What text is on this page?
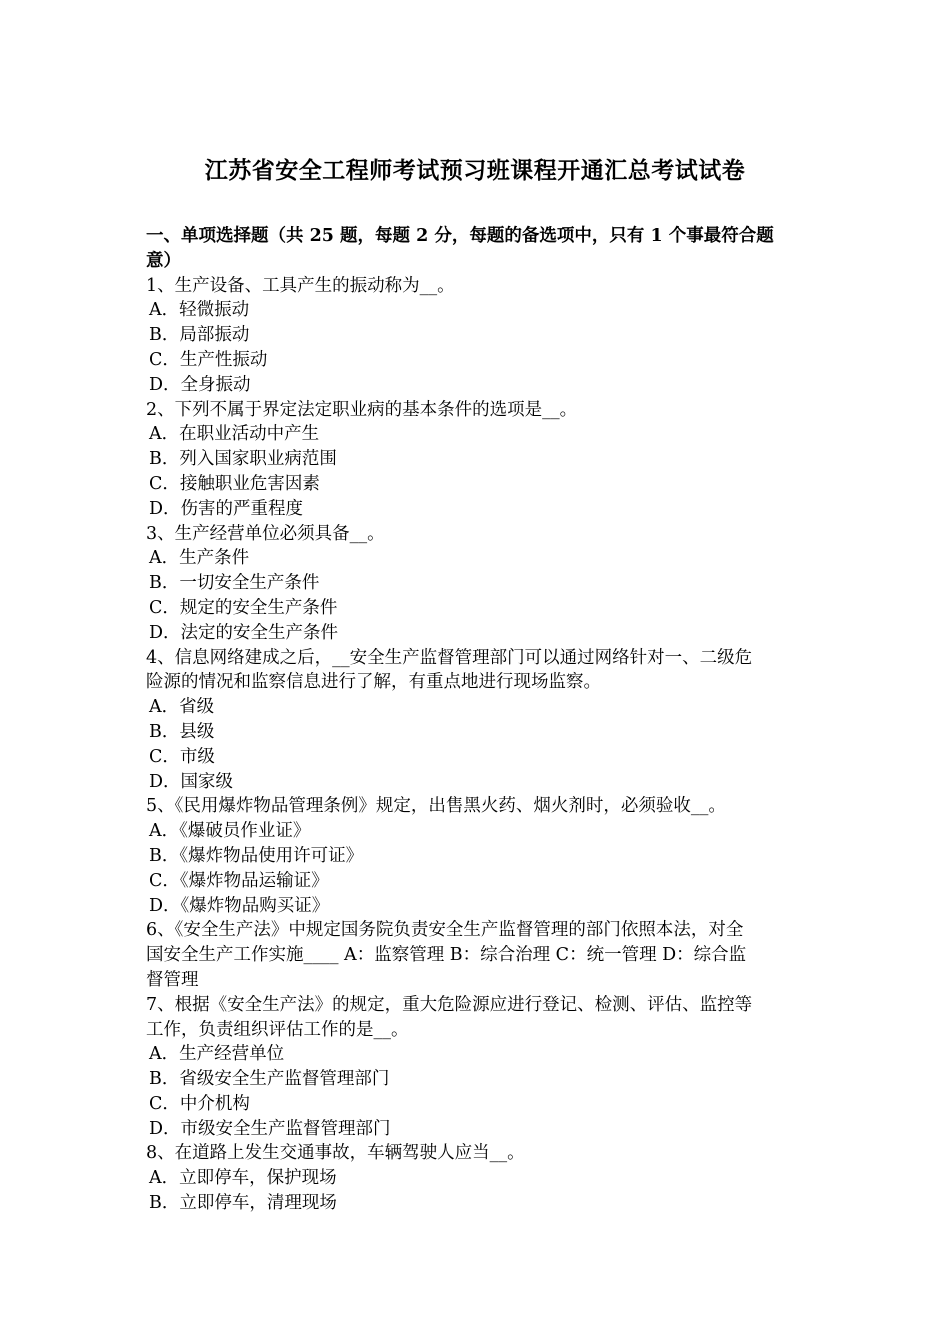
江苏省安全工程师考试预习班课程开通汇总考试试卷
一、单项选择题（共 25 题，每题 2 分，每题的备选项中，只有 1 个事最符合题
意）
1、生产设备、工具产生的振动称为__。
A．轻微振动
B．局部振动
C．生产性振动
D．全身振动
2、下列不属于界定法定职业病的基本条件的选项是__。
A．在职业活动中产生
B．列入国家职业病范围
C．接触职业危害因素
D．伤害的严重程度
3、生产经营单位必须具备__。
A．生产条件
B．一切安全生产条件
C．规定的安全生产条件
D．法定的安全生产条件
4、信息网络建成之后，__安全生产监督管理部门可以通过网络针对一、二级危
险源的情况和监察信息进行了解，有重点地进行现场监察。
A．省级
B．县级
C．市级
D．国家级
5、《民用爆炸物品管理条例》规定，出售黑火药、烟火剂时，必须验收__。
A．《爆破员作业证》
B．《爆炸物品使用许可证》
C．《爆炸物品运输证》
D．《爆炸物品购买证》
6、《安全生产法》中规定国务院负责安全生产监督管理的部门依照本法，对全
国安全生产工作实施____ A：监察管理 B：综合治理 C：统一管理 D：综合监
督管理
7、根据《安全生产法》的规定，重大危险源应进行登记、检测、评估、监控等
工作，负责组织评估工作的是__。
A．生产经营单位
B．省级安全生产监督管理部门
C．中介机构
D．市级安全生产监督管理部门
8、在道路上发生交通事故，车辆驾驶人应当__。
A．立即停车，保护现场
B．立即停车，清理现场
